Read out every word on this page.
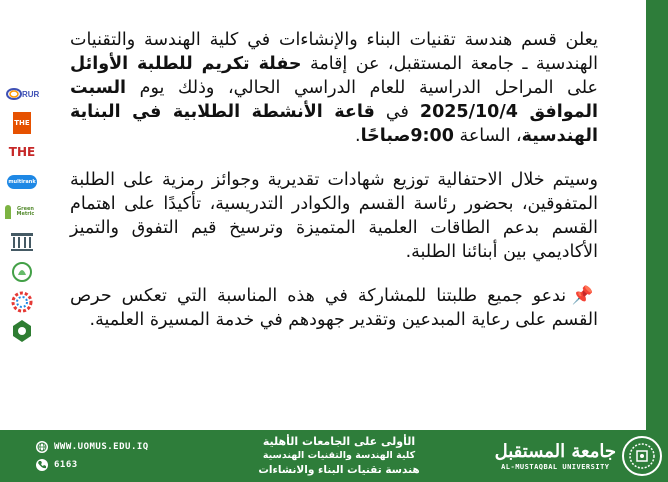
RUR
THE
THE
multirank
Green Metric

يعلن قسم هندسة تقنيات البناء والإنشاءات في كلية الهندسة والتقنيات الهندسية ـ جامعة المستقبل، عن إقامة حفلة تكريم للطلبة الأوائل على المراحل الدراسية للعام الدراسي الحالي، وذلك يوم السبت الموافق 2025/10/4 في قاعة الأنشطة الطلابية في البناية الهندسية، الساعة 9:00صباحًا.

وسيتم خلال الاحتفالية توزيع شهادات تقديرية وجوائز رمزية على الطلبة المتفوقين، بحضور رئاسة القسم والكوادر التدريسية، تأكيدًا على اهتمام القسم بدعم الطاقات العلمية المتميزة وترسيخ قيم التفوق والتميز الأكاديمي بين أبنائنا الطلبة.

📌 ندعو جميع طلبتنا للمشاركة في هذه المناسبة التي تعكس حرص القسم على رعاية المبدعين وتقدير جهودهم في خدمة المسيرة العلمية.

WWW.UOMUS.EDU.IQ
6163
الأولى على الجامعات الأهلية
كلية الهندسة والتقنيات الهندسية
هندسة تقنيات البناء والانشاءات
جامعة المستقبل
AL-MUSTAQBAL UNIVERSITY
